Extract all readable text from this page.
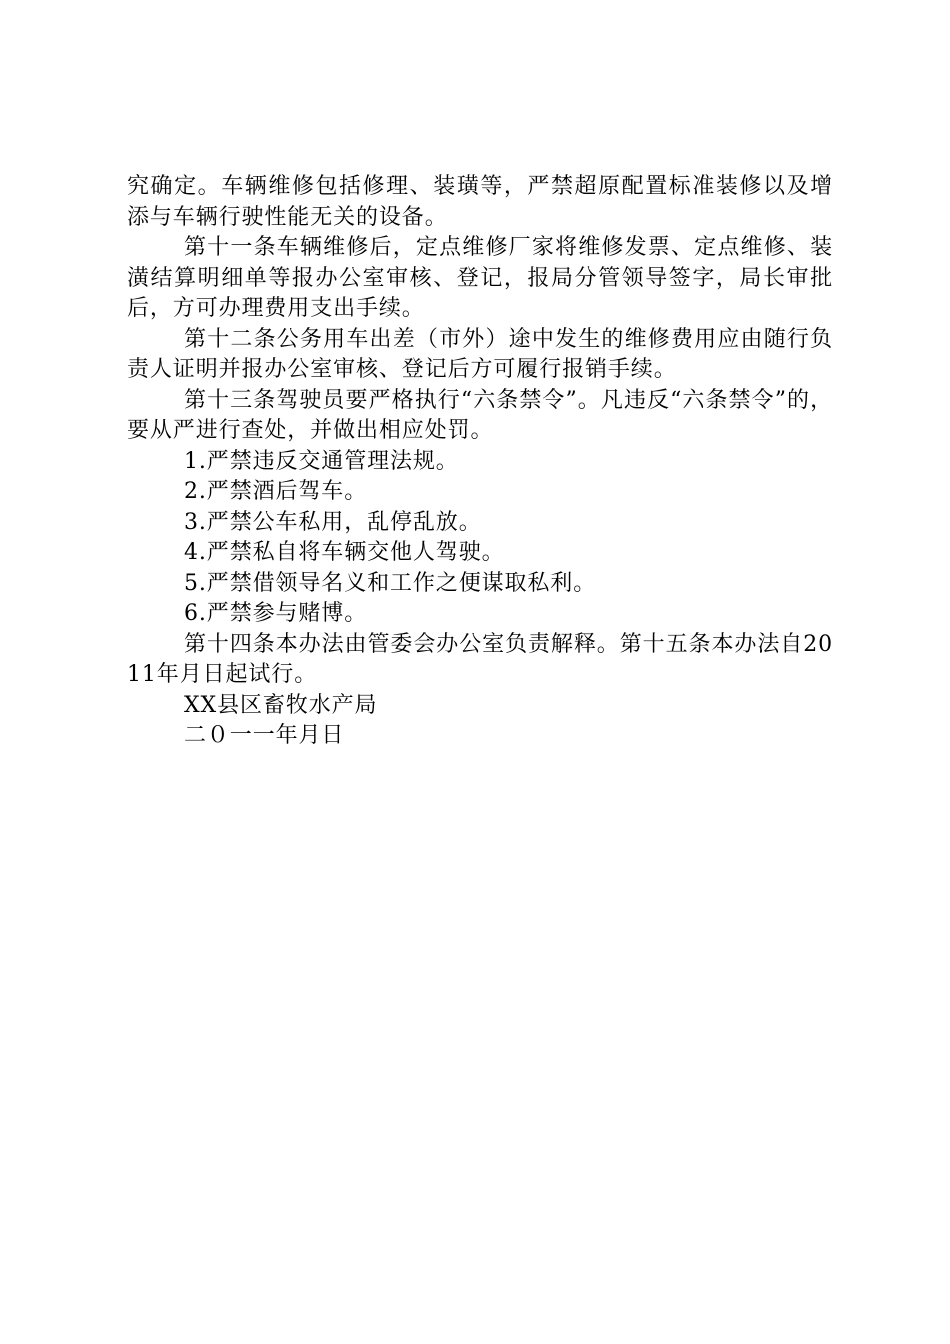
究确定。车辆维修包括修理、装璜等，严禁超原配置标准装修以及增添与车辆行驶性能无关的设备。

第十一条车辆维修后，定点维修厂家将维修发票、定点维修、装潢结算明细单等报办公室审核、登记，报局分管领导签字，局长审批后，方可办理费用支出手续。

第十二条公务用车出差（市外）途中发生的维修费用应由随行负责人证明并报办公室审核、登记后方可履行报销手续。

第十三条驾驶员要严格执行“六条禁令”。凡违反“六条禁令”的，要从严进行查处，并做出相应处罚。

1.严禁违反交通管理法规。

2.严禁酒后驾车。

3.严禁公车私用，乱停乱放。

4.严禁私自将车辆交他人驾驶。

5.严禁借领导名义和工作之便谋取私利。

6.严禁参与赌博。

第十四条本办法由管委会办公室负责解释。第十五条本办法自2011年月日起试行。

XX县区畜牧水产局

二０一一年月日
